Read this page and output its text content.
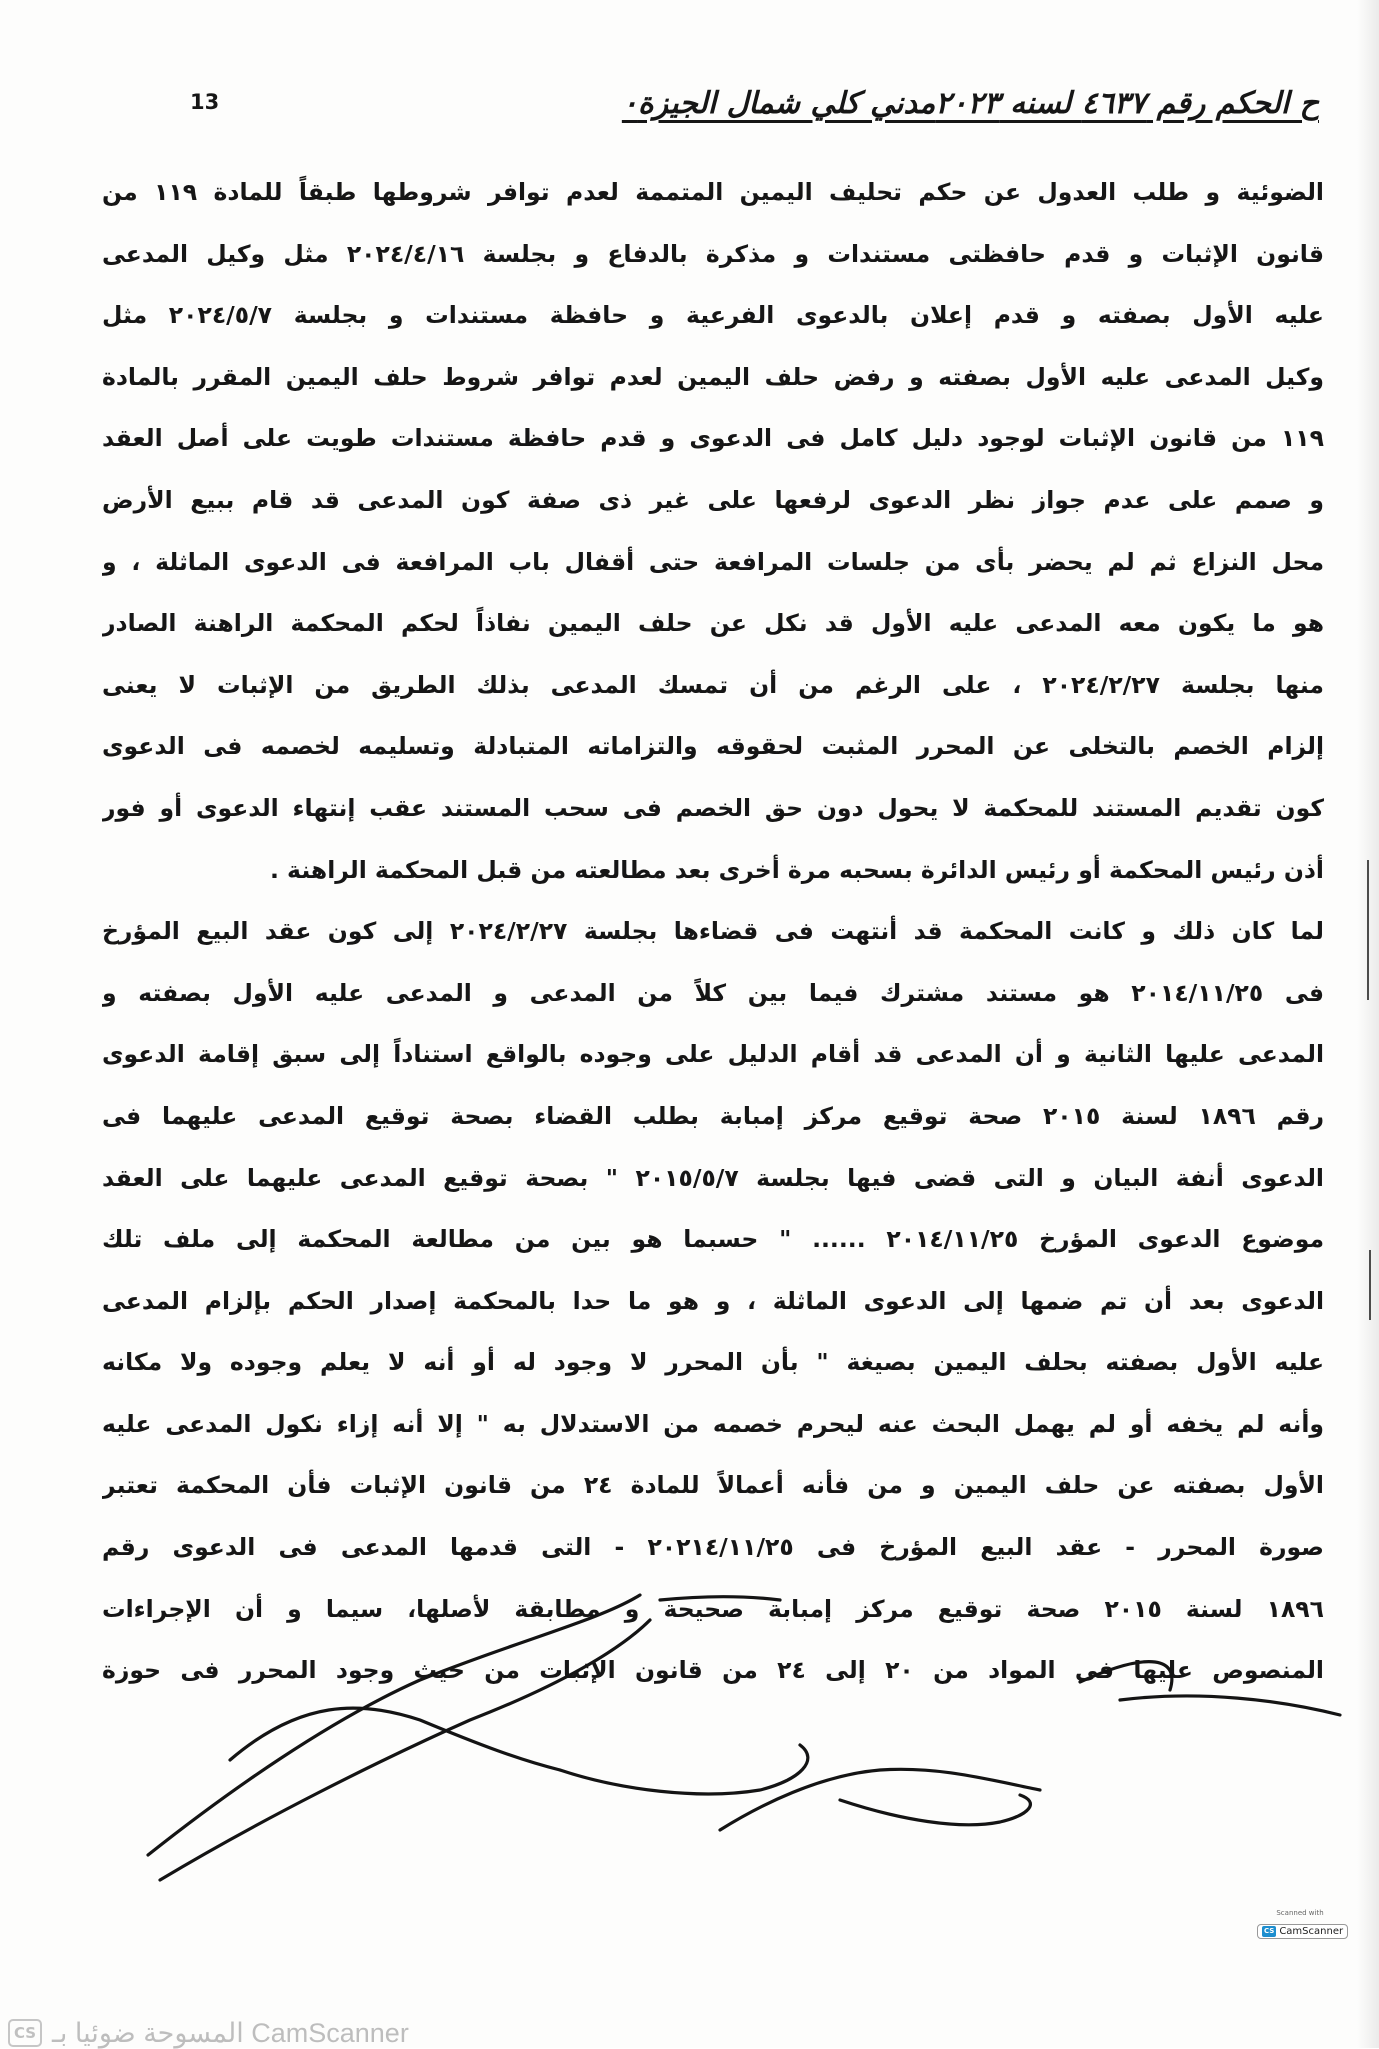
13	ح الحكم رقم ٤٦٣٧ لسنه ٢٠٢٣مدني كلي شمال الجيزة٠
الضوئية و طلب العدول عن حكم تحليف اليمين المتممة لعدم توافر شروطها طبقاً للمادة ١١٩ من
قانون الإثبات و قدم حافظتى مستندات و مذكرة بالدفاع و بجلسة ٢٠٢٤/٤/١٦ مثل وكيل المدعى
عليه الأول بصفته و قدم إعلان بالدعوى الفرعية و حافظة مستندات و بجلسة ٢٠٢٤/٥/٧ مثل
وكيل المدعى عليه الأول بصفته و رفض حلف اليمين لعدم توافر شروط حلف اليمين المقرر بالمادة
١١٩ من قانون الإثبات لوجود دليل كامل فى الدعوى و قدم حافظة مستندات طويت على أصل العقد
و صمم على عدم جواز نظر الدعوى لرفعها على غير ذى صفة كون المدعى قد قام ببيع الأرض
محل النزاع ثم لم يحضر بأى من جلسات المرافعة حتى أقفال باب المرافعة فى الدعوى الماثلة ، و
هو ما يكون معه المدعى عليه الأول قد نكل عن حلف اليمين نفاذاً لحكم المحكمة الراهنة الصادر
منها بجلسة ٢٠٢٤/٢/٢٧ ، على الرغم من أن تمسك المدعى بذلك الطريق من الإثبات لا يعنى
إلزام الخصم بالتخلى عن المحرر المثبت لحقوقه والتزاماته المتبادلة وتسليمه لخصمه فى الدعوى
كون تقديم المستند للمحكمة لا يحول دون حق الخصم فى سحب المستند عقب إنتهاء الدعوى أو فور
أذن رئيس المحكمة أو رئيس الدائرة بسحبه مرة أخرى بعد مطالعته من قبل المحكمة الراهنة .
لما كان ذلك و كانت المحكمة قد أنتهت فى قضاءها بجلسة ٢٠٢٤/٢/٢٧ إلى كون عقد البيع المؤرخ
فى ٢٠١٤/١١/٢٥ هو مستند مشترك فيما بين كلاً من المدعى و المدعى عليه الأول بصفته و
المدعى عليها الثانية و أن المدعى قد أقام الدليل على وجوده بالواقع استناداً إلى سبق إقامة الدعوى
رقم ١٨٩٦ لسنة ٢٠١٥ صحة توقيع مركز إمبابة بطلب القضاء بصحة توقيع المدعى عليهما فى
الدعوى أنفة البيان و التى قضى فيها بجلسة ٢٠١٥/٥/٧ " بصحة توقيع المدعى عليهما على العقد
موضوع الدعوى المؤرخ ٢٠١٤/١١/٢٥ ...... " حسبما هو بين من مطالعة المحكمة إلى ملف تلك
الدعوى بعد أن تم ضمها إلى الدعوى الماثلة ، و هو ما حدا بالمحكمة إصدار الحكم بإلزام المدعى
عليه الأول بصفته بحلف اليمين بصيغة " بأن المحرر لا وجود له أو أنه لا يعلم وجوده ولا مكانه
وأنه لم يخفه أو لم يهمل البحث عنه ليحرم خصمه من الاستدلال به " إلا أنه إزاء نكول المدعى عليه
الأول بصفته عن حلف اليمين و من فأنه أعمالاً للمادة ٢٤ من قانون الإثبات فأن المحكمة تعتبر
صورة المحرر - عقد البيع المؤرخ فى ٢٠٢١٤/١١/٢٥ - التى قدمها المدعى فى الدعوى رقم
١٨٩٦ لسنة ٢٠١٥ صحة توقيع مركز إمبابة صحيحة و مطابقة لأصلها، سيما و أن الإجراءات
المنصوص عليها فى المواد من ٢٠ إلى ٢٤ من قانون الإثبات من حيث وجود المحرر فى حوزة
Scanned with
CS CamScanner
CS المسوحة ضوئيا بـ CamScanner
